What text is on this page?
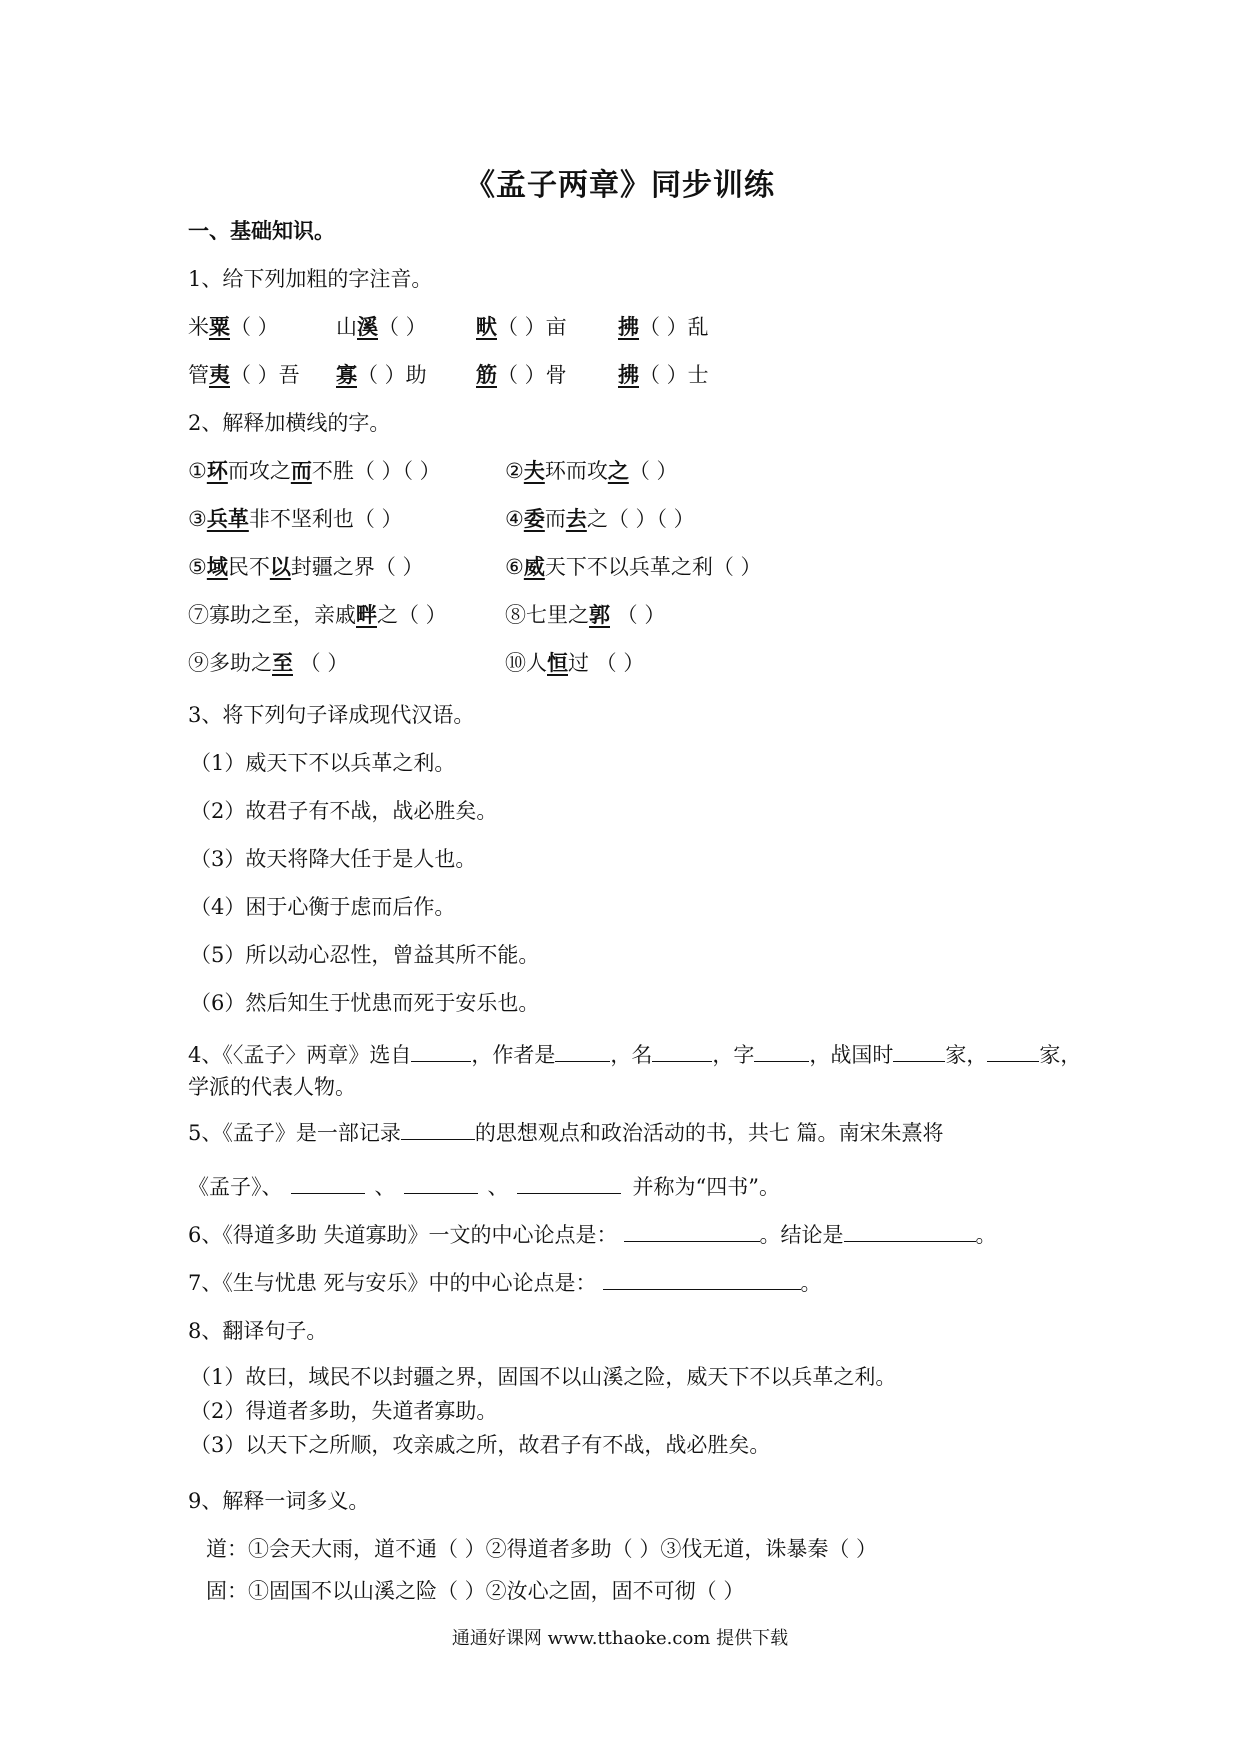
《孟子两章》同步训练
一、基础知识。
1、给下列加粗的字注音。
米粟（ ）	山溪（ ） 畎（ ）亩 拂（ ）乱
管夷（ ）吾 寡（ ）助 筋（ ）骨 拂（ ）士
2、解释加横线的字。
①环而攻之而不胜（ ）（ ）	②夫环而攻之（ ）
③兵革非不坚利也（ ）	④委而去之（ ）（ ）
⑤域民不以封疆之界（ ）	⑥威天下不以兵革之利（ ）
⑦寡助之至，亲戚畔之（ ）	⑧七里之郭 （ ）
⑨多助之至 （ ）	⑩人恒过 （ ）
3、将下列句子译成现代汉语。
（1）威天下不以兵革之利。
（2）故君子有不战，战必胜矣。
（3）故天将降大任于是人也。
（4）困于心衡于虑而后作。
（5）所以动心忍性，曾益其所不能。
（6）然后知生于忧患而死于安乐也。
4、《〈孟子〉两章》选自	，作者是	，名	，字	，战国时 家， 家，
学派的代表人物。
5、《孟子》是一部记录	的思想观点和政治活动的书，共七 篇。南宋朱熹将
《孟子》、	、	、	并称为“四书”。
6、《得道多助 失道寡助》一文的中心论点是：	。结论是	。
7、《生与忧患 死与安乐》中的中心论点是：	。
8、翻译句子。
（1）故曰，域民不以封疆之界，固国不以山溪之险，威天下不以兵革之利。
（2）得道者多助，失道者寡助。
（3）以天下之所顺，攻亲戚之所，故君子有不战，战必胜矣。
9、解释一词多义。
道：①会天大雨，道不通（ ）②得道者多助（ ）③伐无道，诛暴秦（ ）
固：①固国不以山溪之险（ ）②汝心之固，固不可彻（ ）
通通好课网 www.tthaoke.com 提供下载
